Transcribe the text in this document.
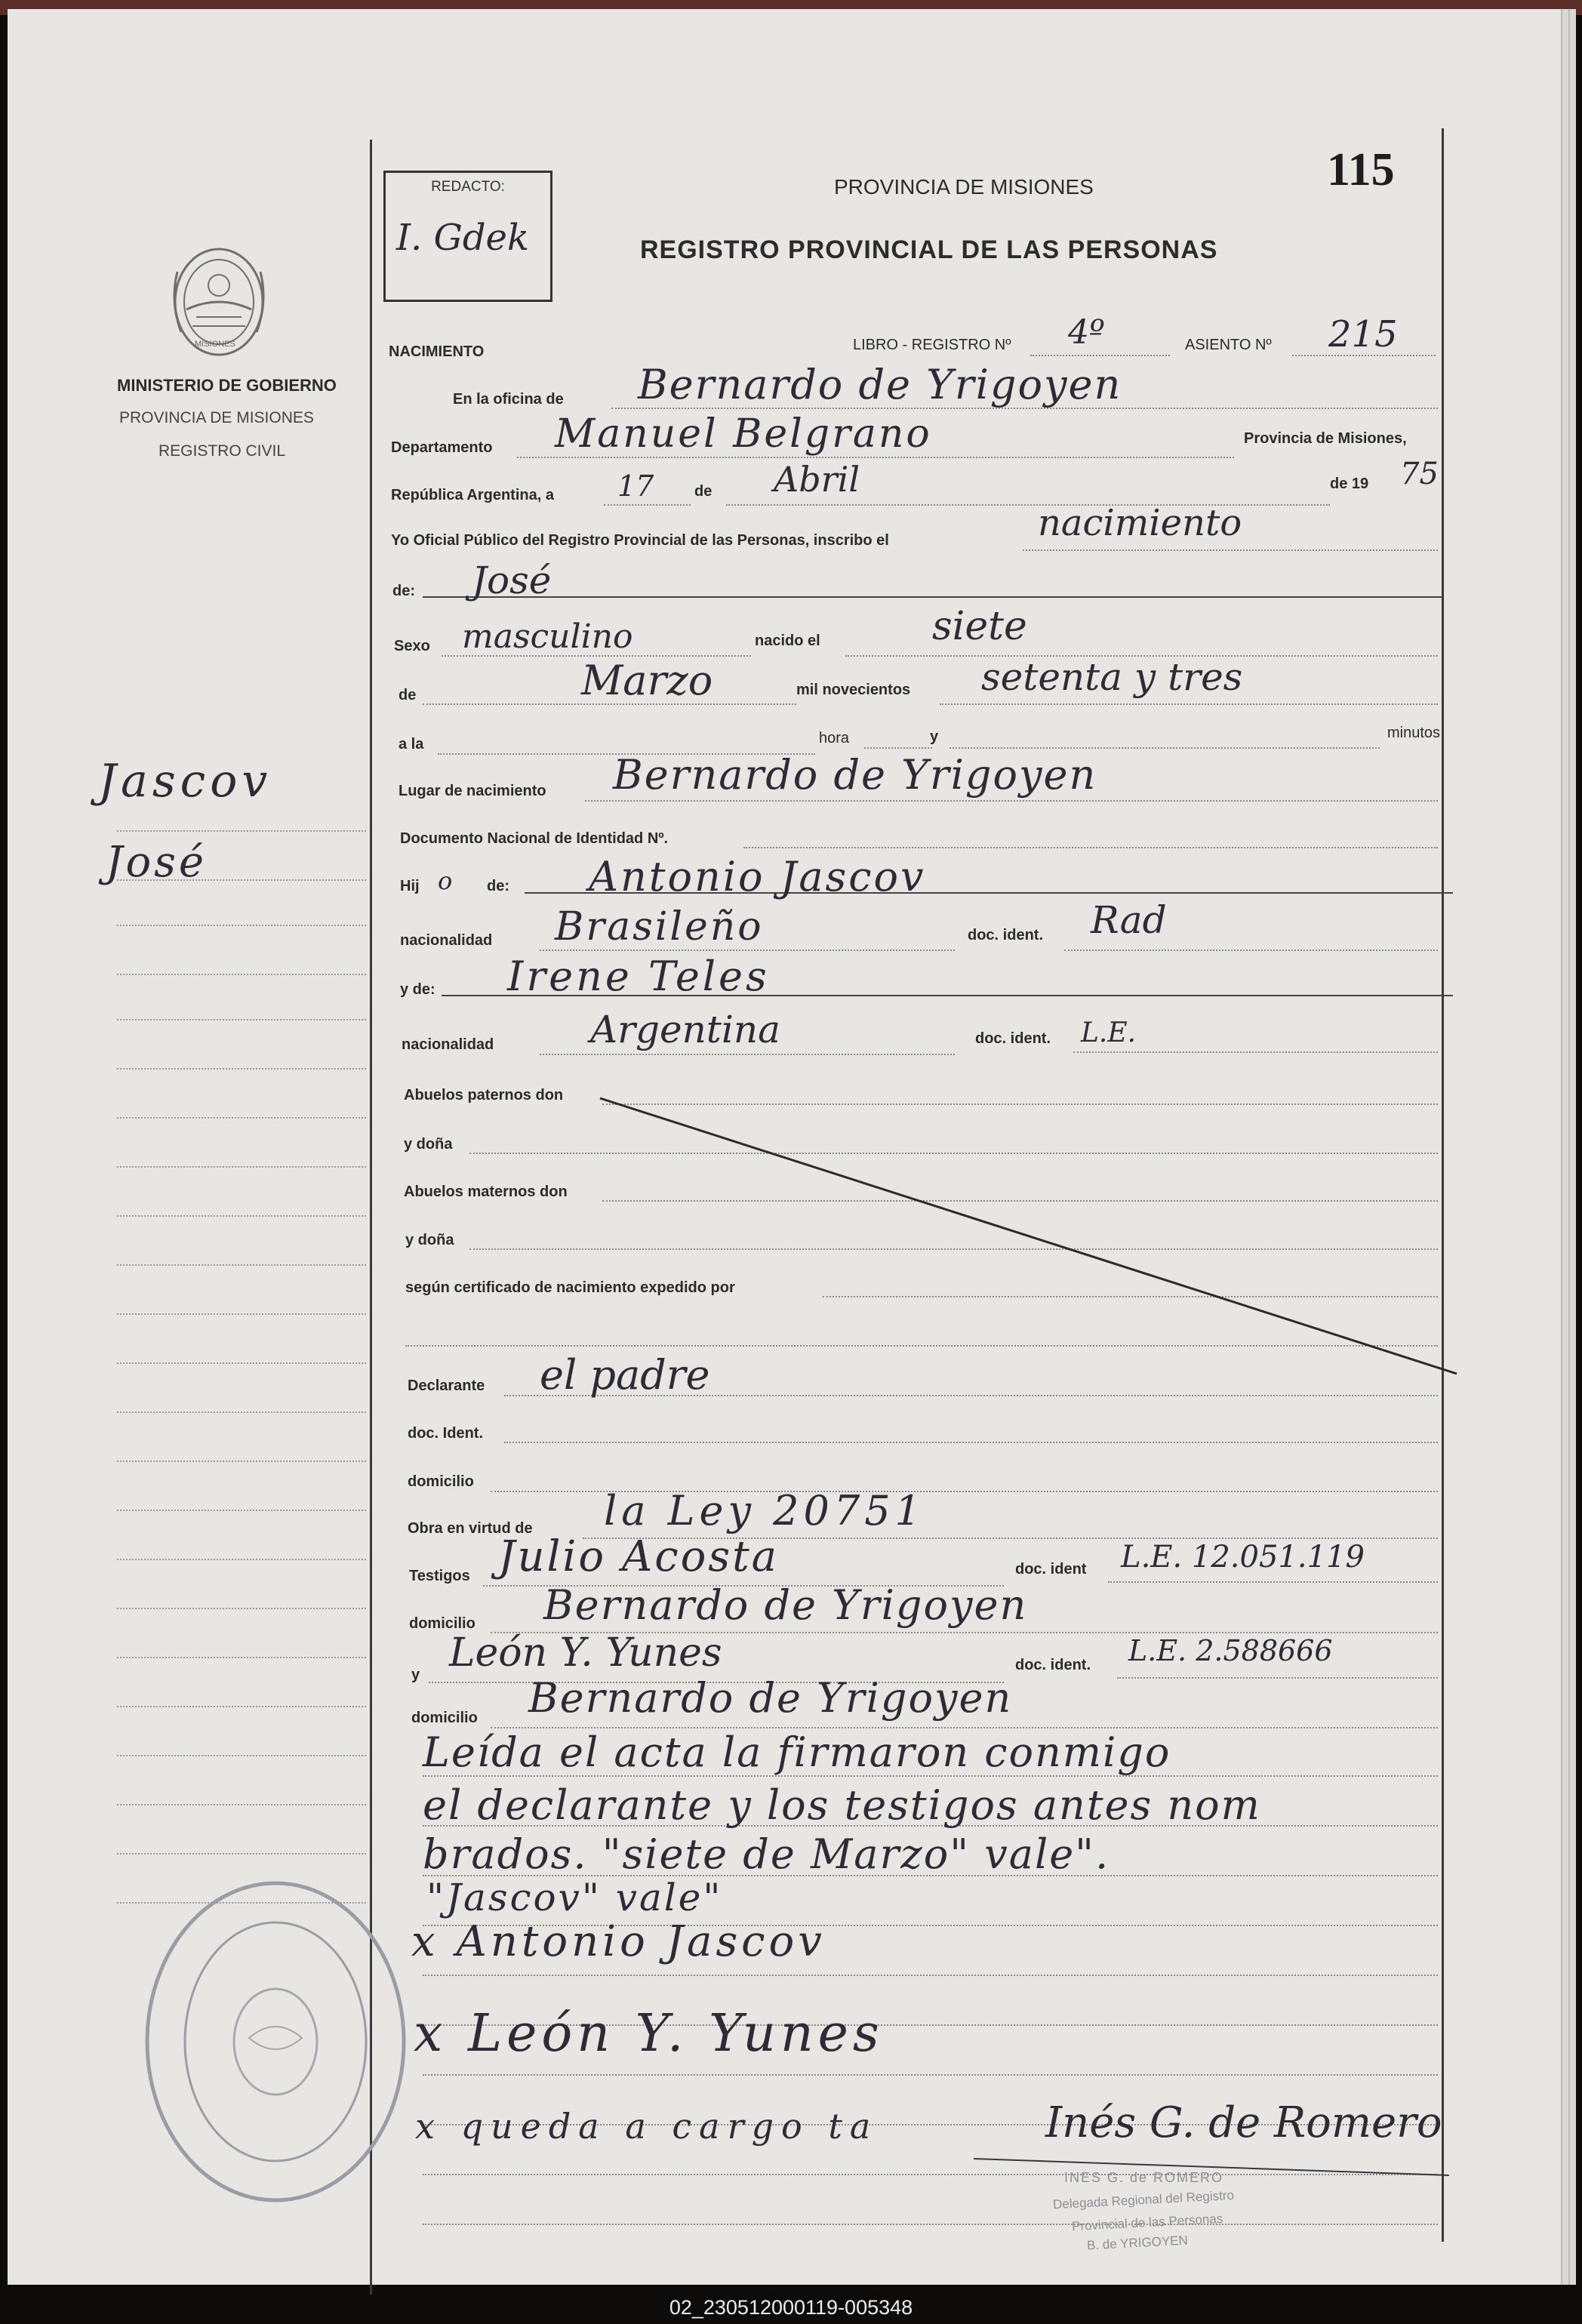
115
REDACTO:
I. Gdek
PROVINCIA DE MISIONES
REGISTRO PROVINCIAL DE LAS PERSONAS
MISIONES
MINISTERIO DE GOBIERNO
PROVINCIA DE MISIONES
REGISTRO CIVIL
Jascov
José
NACIMIENTO	LIBRO - REGISTRO Nº 4º	ASIENTO Nº 215
En la oficina de Bernardo de Yrigoyen
Departamento Manuel Belgrano	Provincia de Misiones,
República Argentina, a 17	de Abril	de 19 75
Yo Oficial Público del Registro Provincial de las Personas, inscribo el	nacimiento
de: José
Sexo masculino	nacido el	siete
de	Marzo	mil novecientos setenta y tres
a la	hora	y	minutos
Lugar de nacimiento Bernardo de Yrigoyen
Documento Nacional de Identidad Nº.
Hij o de: Antonio Jascov
nacionalidad Brasileño	doc. ident. Rad
y de: Irene Teles
nacionalidad	Argentina	doc. ident. L.E.
Abuelos paternos don
y doña
Abuelos maternos don
y doña
según certificado de nacimiento expedido por
Declarante el padre
doc. Ident.
domicilio
Obra en virtud de la Ley 20751
Testigos Julio Acosta	doc. ident L.E. 12.051.119
domicilio Bernardo de Yrigoyen
y León Y. Yunes	doc. ident. L.E. 2.588666
domicilio Bernardo de Yrigoyen
Leída el acta la firmaron conmigo
el declarante y los testigos antes nom
brados. "siete de Marzo" vale".
"Jascov" vale"
x Antonio Jascov
x León Y. Yunes
x queda a cargo ta	Inés G. de Romero
INES G. de ROMERO
Delegada Regional del Registro
Provincial de las Personas
B. de YRIGOYEN
02_230512000119-005348
